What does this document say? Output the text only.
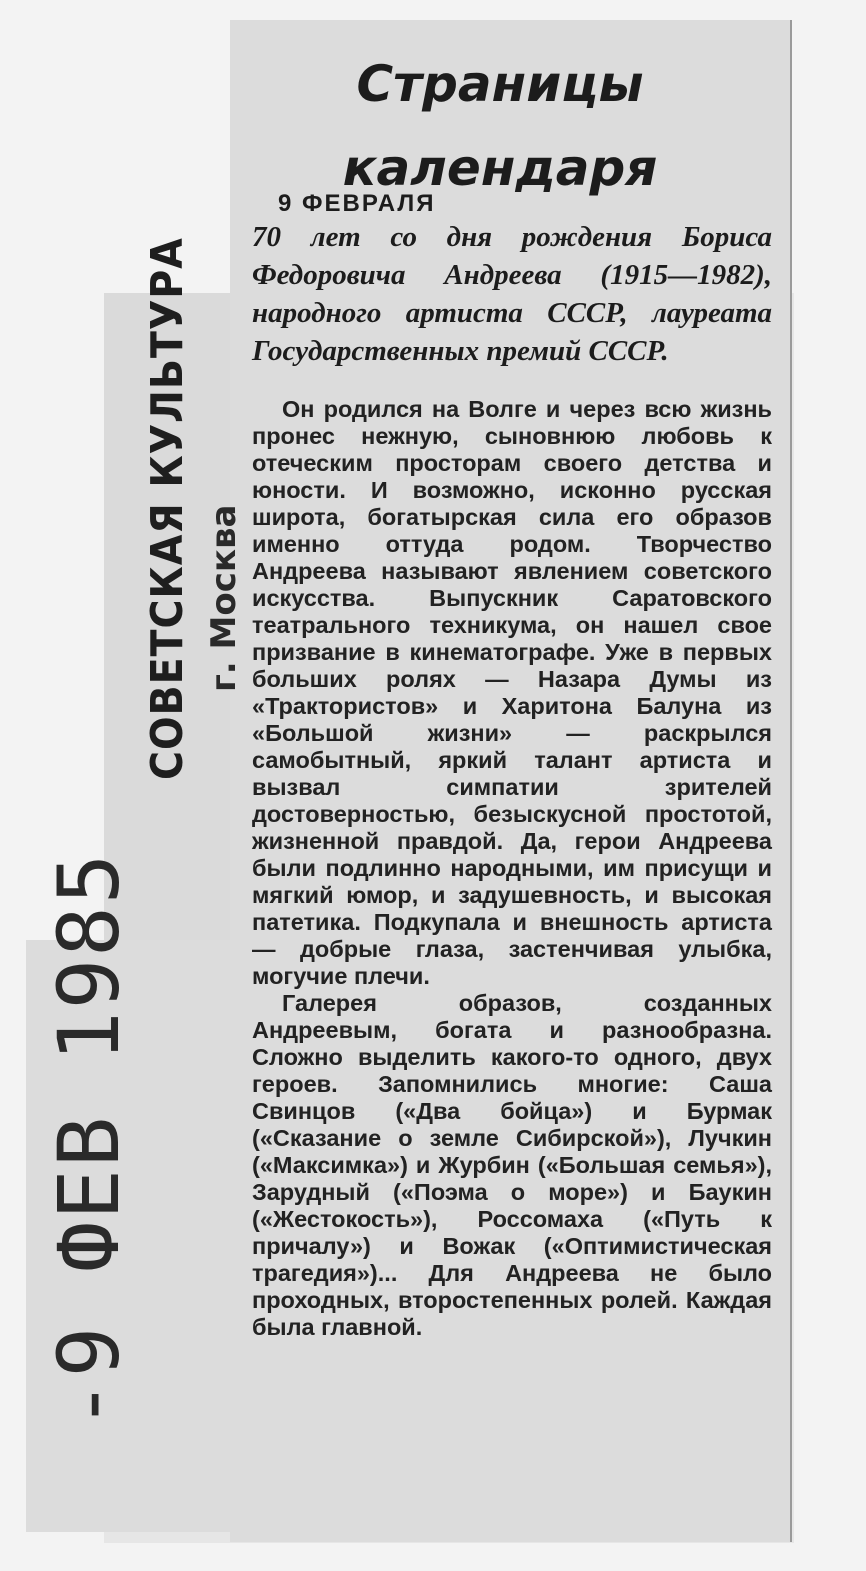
СОВЕТСКАЯ КУЛЬТУРА г. Москва
-9 ФЕВ 1985
Страницы
календаря
9 ФЕВРАЛЯ

70 лет со дня рождения Бориса Федоровича Андреева (1915—1982), народного артиста СССР, лауреата Государственных премий СССР.

Он родился на Волге и через всю жизнь пронес нежную, сыновнюю любовь к отеческим просторам своего детства и юности. И возможно, исконно русская широта, богатырская сила его образов именно оттуда родом. Творчество Андреева называют явлением советского искусства. Выпускник Саратовского театрального техникума, он нашел свое призвание в кинематографе. Уже в первых больших ролях — Назара Думы из «Трактористов» и Харитона Балуна из «Большой жизни» — раскрылся самобытный, яркий талант артиста и вызвал симпатии зрителей достоверностью, безыскусной простотой, жизненной правдой. Да, герои Андреева были подлинно народными, им присущи и мягкий юмор, и задушевность, и высокая патетика. Подкупала и внешность артиста — добрые глаза, застенчивая улыбка, могучие плечи.

Галерея образов, созданных Андреевым, богата и разнообразна. Сложно выделить какого-то одного, двух героев. Запомнились многие: Саша Свинцов («Два бойца») и Бурмак («Сказание о земле Сибирской»), Лучкин («Максимка») и Журбин («Большая семья»), Зарудный («Поэма о море») и Баукин («Жестокость»), Россомаха («Путь к причалу») и Вожак («Оптимистическая трагедия»)... Для Андреева не было проходных, второстепенных ролей. Каждая была главной.
